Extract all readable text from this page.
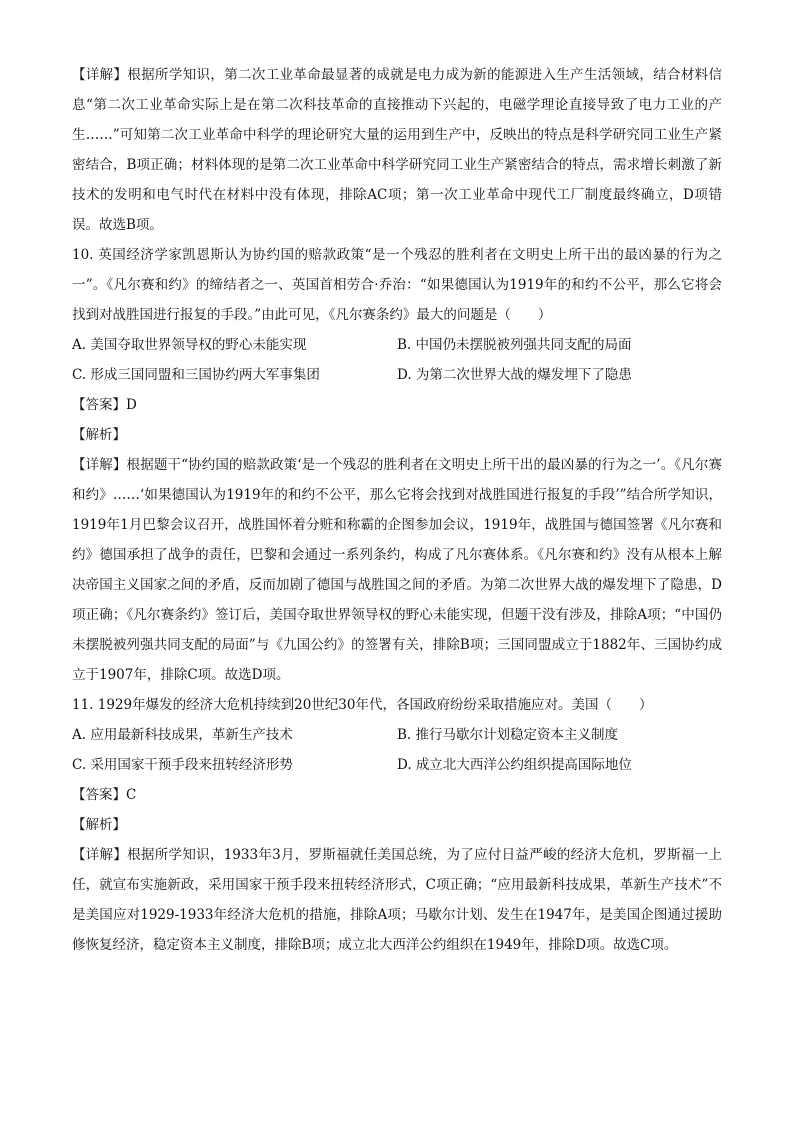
【详解】根据所学知识，第二次工业革命最显著的成就是电力成为新的能源进入生产生活领域，结合材料信息“第二次工业革命实际上是在第二次科技革命的直接推动下兴起的，电磁学理论直接导致了电力工业的产生……”可知第二次工业革命中科学的理论研究大量的运用到生产中，反映出的特点是科学研究同工业生产紧密结合，B项正确；材料体现的是第二次工业革命中科学研究同工业生产紧密结合的特点，需求增长刺激了新技术的发明和电气时代在材料中没有体现，排除AC项；第一次工业革命中现代工厂制度最终确立，D项错误。故选B项。

10. 英国经济学家凯恩斯认为协约国的赔款政策“是一个残忍的胜利者在文明史上所干出的最凶暴的行为之一”。《凡尔赛和约》的缔结者之一、英国首相劳合·乔治：“如果德国认为1919年的和约不公平，那么它将会找到对战胜国进行报复的手段。”由此可见，《凡尔赛条约》最大的问题是（　　）

A. 美国夺取世界领导权的野心未能实现	B. 中国仍未摆脱被列强共同支配的局面
C. 形成三国同盟和三国协约两大军事集团	D. 为第二次世界大战的爆发埋下了隐患

【答案】D

【解析】

【详解】根据题干“协约国的赔款政策‘是一个残忍的胜利者在文明史上所干出的最凶暴的行为之一’。《凡尔赛和约》……‘如果德国认为1919年的和约不公平，那么它将会找到对战胜国进行报复的手段’”结合所学知识，1919年1月巴黎会议召开，战胜国怀着分赃和称霸的企图参加会议，1919年，战胜国与德国签署《凡尔赛和约》德国承担了战争的责任，巴黎和会通过一系列条约，构成了凡尔赛体系。《凡尔赛和约》没有从根本上解决帝国主义国家之间的矛盾，反而加剧了德国与战胜国之间的矛盾。为第二次世界大战的爆发埋下了隐患，D项正确；《凡尔赛条约》签订后，美国夺取世界领导权的野心未能实现，但题干没有涉及，排除A项；“中国仍未摆脱被列强共同支配的局面”与《九国公约》的签署有关，排除B项；三国同盟成立于1882年、三国协约成立于1907年，排除C项。故选D项。

11. 1929年爆发的经济大危机持续到20世纪30年代，各国政府纷纷采取措施应对。美国（　　）

A. 应用最新科技成果，革新生产技术	B. 推行马歇尔计划稳定资本主义制度
C. 采用国家干预手段来扭转经济形势	D. 成立北大西洋公约组织提高国际地位

【答案】C

【解析】

【详解】根据所学知识，1933年3月，罗斯福就任美国总统，为了应付日益严峻的经济大危机，罗斯福一上任，就宣布实施新政，采用国家干预手段来扭转经济形式，C项正确；“应用最新科技成果，革新生产技术”不是美国应对1929-1933年经济大危机的措施，排除A项；马歇尔计划、发生在1947年，是美国企图通过援助修恢复经济，稳定资本主义制度，排除B项；成立北大西洋公约组织在1949年，排除D项。故选C项。
